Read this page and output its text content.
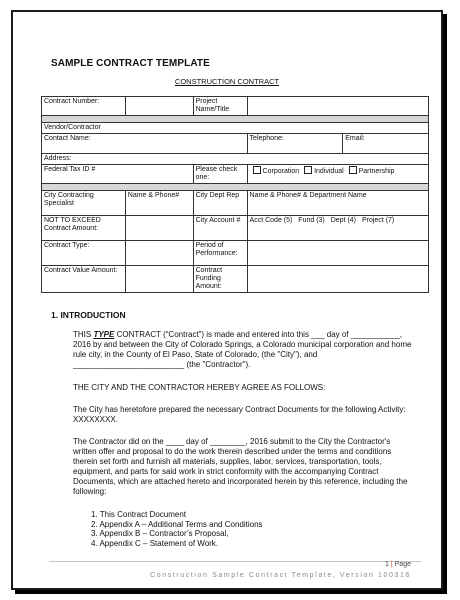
SAMPLE CONTRACT TEMPLATE
CONSTRUCTION CONTRACT
Contract Number:		Project Name/Title		

Vendor/Contractor				
Contact Name:			Telephone:	Email:
Address:				
Federal Tax ID #		Please check one:	Corporation Individual Partnership	

City Contracting Specialist	Name & Phone#	City Dept Rep	Name & Phone# & Department Name	
NOT TO EXCEED Contract Amount:		City Account #	Acct Code (5) Fund (3) Dept (4) Project (7)	
Contract Type:		Period of Performance:		
Contract Value Amount:		Contract Funding Amount:		
1. INTRODUCTION
THIS TYPE CONTRACT (“Contract”) is made and entered into this ___ day of ___________, 2016 by and between the City of Colorado Springs, a Colorado municipal corporation and home rule city, in the County of El Paso, State of Colorado, (the "City"), and _________________________ (the "Contractor").
THE CITY AND THE CONTRACTOR HEREBY AGREE AS FOLLOWS:
The City has heretofore prepared the necessary Contract Documents for the following Activity: XXXXXXXX.
The Contractor did on the ____ day of ________, 2016 submit to the City the Contractor's written offer and proposal to do the work therein described under the terms and conditions therein set forth and furnish all materials, supplies, labor, services, transportation, tools, equipment, and parts for said work in strict conformity with the accompanying Contract Documents, which are attached hereto and incorporated herein by this reference, including the following:
1. This Contract Document
2. Appendix A – Additional Terms and Conditions
3. Appendix B – Contractor’s Proposal,
4. Appendix C – Statement of Work.
1 | Page
Construction Sample Contract Template, Version 100316
